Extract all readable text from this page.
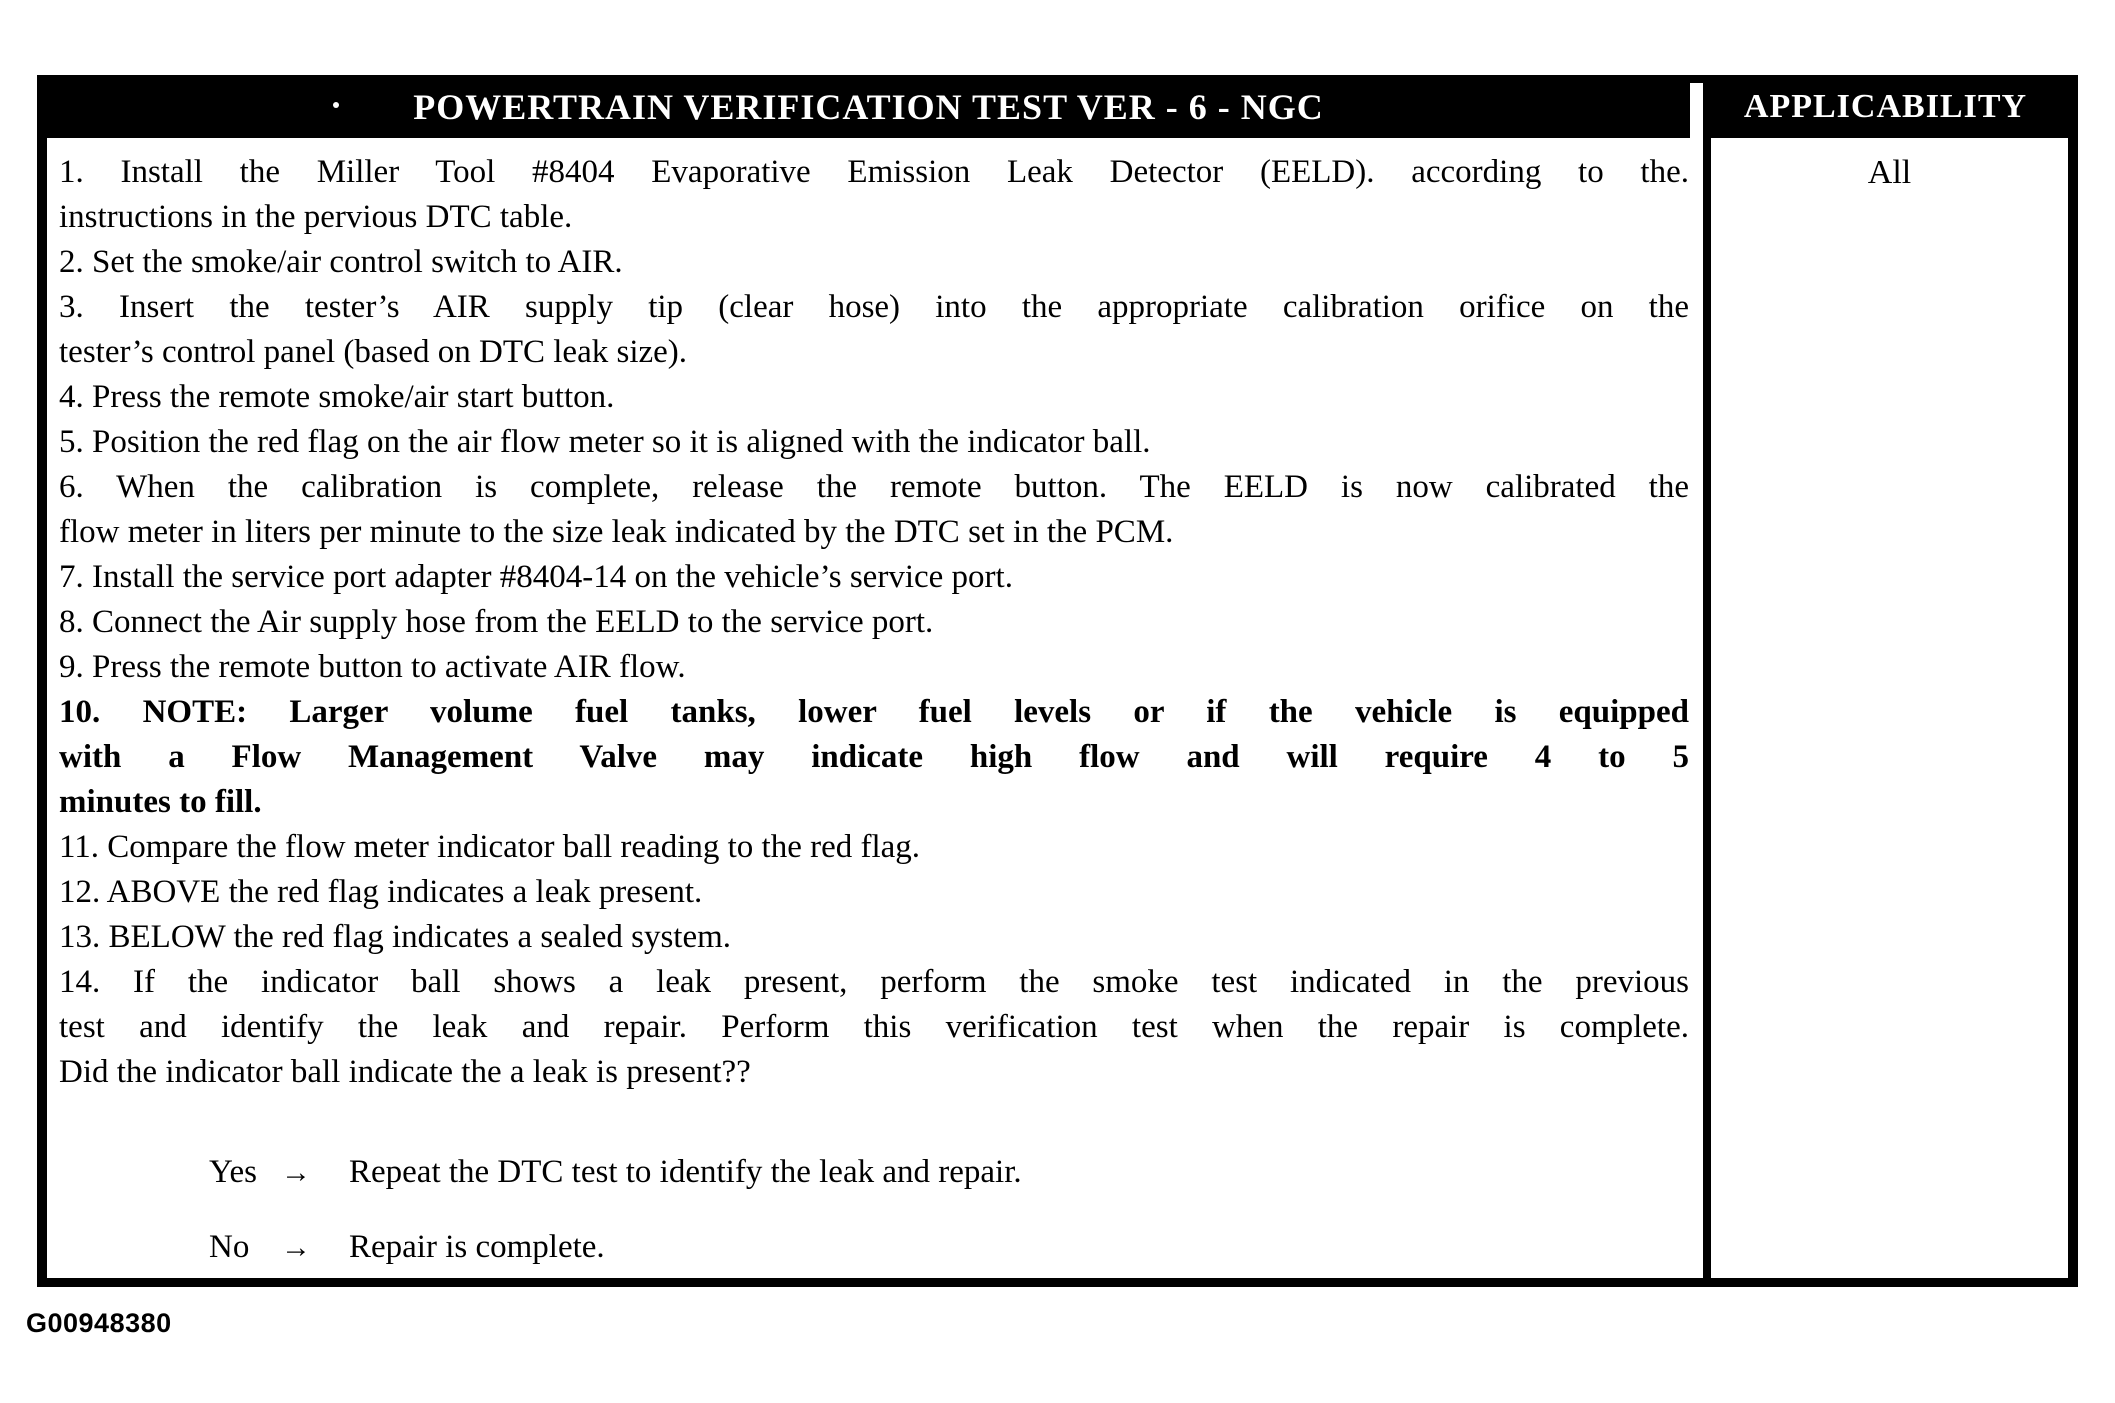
POWERTRAIN VERIFICATION TEST VER - 6 - NGC	APPLICABILITY
1. Install the Miller Tool #8404 Evaporative Emission Leak Detector (EELD). according to the.
instructions in the pervious DTC table.
2. Set the smoke/air control switch to AIR.
3. Insert the tester’s AIR supply tip (clear hose) into the appropriate calibration orifice on the
tester’s control panel (based on DTC leak size).
4. Press the remote smoke/air start button.
5. Position the red flag on the air flow meter so it is aligned with the indicator ball.
6. When the calibration is complete, release the remote button. The EELD is now calibrated the
flow meter in liters per minute to the size leak indicated by the DTC set in the PCM.
7. Install the service port adapter #8404-14 on the vehicle’s service port.
8. Connect the Air supply hose from the EELD to the service port.
9. Press the remote button to activate AIR flow.
10. NOTE: Larger volume fuel tanks, lower fuel levels or if the vehicle is equipped
with a Flow Management Valve may indicate high flow and will require 4 to 5
minutes to fill.
11. Compare the flow meter indicator ball reading to the red flag.
12. ABOVE the red flag indicates a leak present.
13. BELOW the red flag indicates a sealed system.
14. If the indicator ball shows a leak present, perform the smoke test indicated in the previous
test and identify the leak and repair. Perform this verification test when the repair is complete.
Did the indicator ball indicate the a leak is present??
Yes →	Repeat the DTC test to identify the leak and repair.
No	→	Repair is complete.
All
G00948380
